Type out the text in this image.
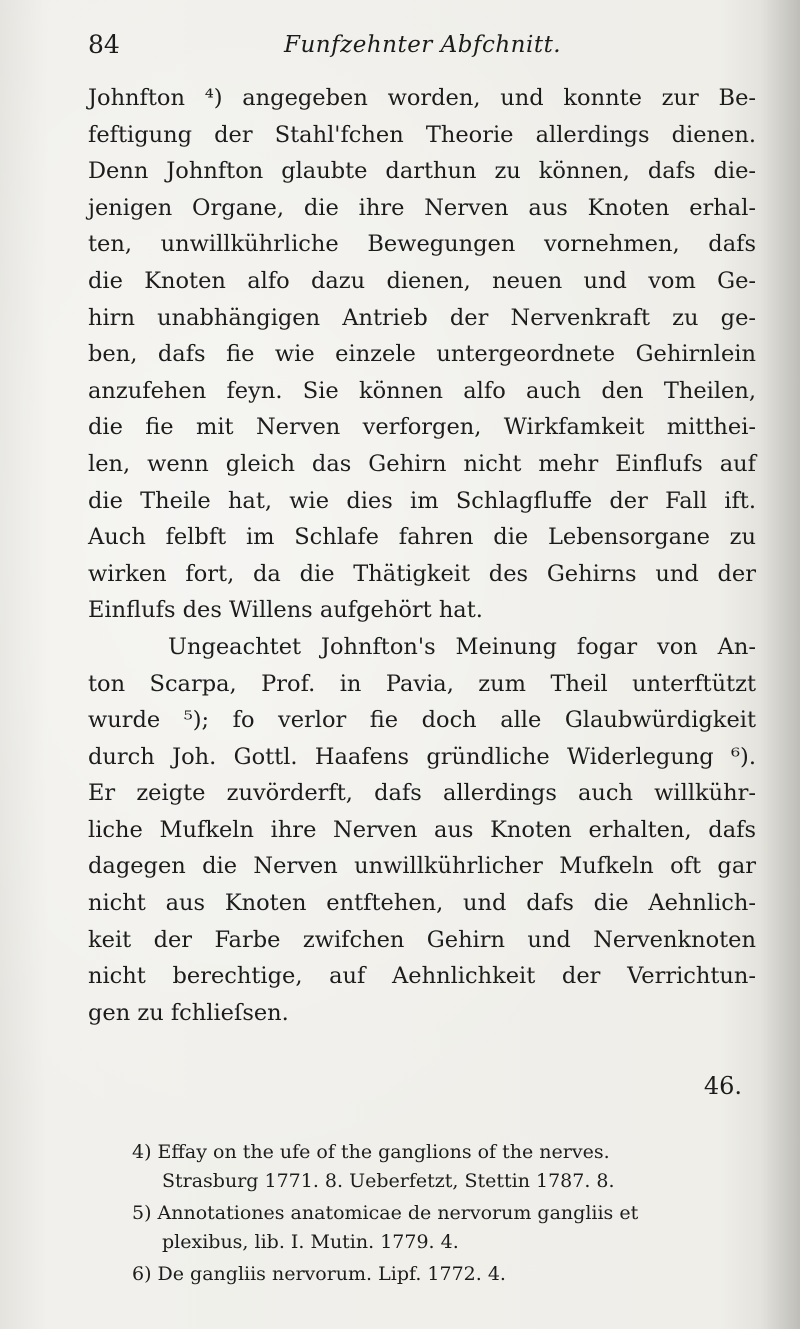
84	Funfzehnter Abfchnitt.
Johnfton ⁴) angegeben worden, und konnte zur Be-
feftigung der Stahl'fchen Theorie allerdings dienen.
Denn Johnfton glaubte darthun zu können, dafs die-
jenigen Organe, die ihre Nerven aus Knoten erhal-
ten, unwillkührliche Bewegungen vornehmen, dafs
die Knoten alfo dazu dienen, neuen und vom Ge-
hirn unabhängigen Antrieb der Nervenkraft zu ge-
ben, dafs fie wie einzele untergeordnete Gehirnlein
anzufehen feyn. Sie können alfo auch den Theilen,
die fie mit Nerven verforgen, Wirkfamkeit mitthei-
len, wenn gleich das Gehirn nicht mehr Einflufs auf
die Theile hat, wie dies im Schlagfluffe der Fall ift.
Auch felbft im Schlafe fahren die Lebensorgane zu
wirken fort, da die Thätigkeit des Gehirns und der
Einflufs des Willens aufgehört hat.
Ungeachtet Johnfton's Meinung fogar von An-
ton Scarpa, Prof. in Pavia, zum Theil unterftützt
wurde ⁵); fo verlor fie doch alle Glaubwürdigkeit
durch Joh. Gottl. Haafens gründliche Widerlegung ⁶).
Er zeigte zuvörderft, dafs allerdings auch willkühr-
liche Mufkeln ihre Nerven aus Knoten erhalten, dafs
dagegen die Nerven unwillkührlicher Mufkeln oft gar
nicht aus Knoten entftehen, und dafs die Aehnlich-
keit der Farbe zwifchen Gehirn und Nervenknoten
nicht berechtige, auf Aehnlichkeit der Verrichtun-
gen zu fchlieſsen.
46.
4) Effay on the ufe of the ganglions of the nerves.
Strasburg 1771. 8. Ueberfetzt, Stettin 1787. 8.
5) Annotationes anatomicae de nervorum gangliis et
plexibus, lib. I. Mutin. 1779. 4.
6) De gangliis nervorum. Lipf. 1772. 4.
